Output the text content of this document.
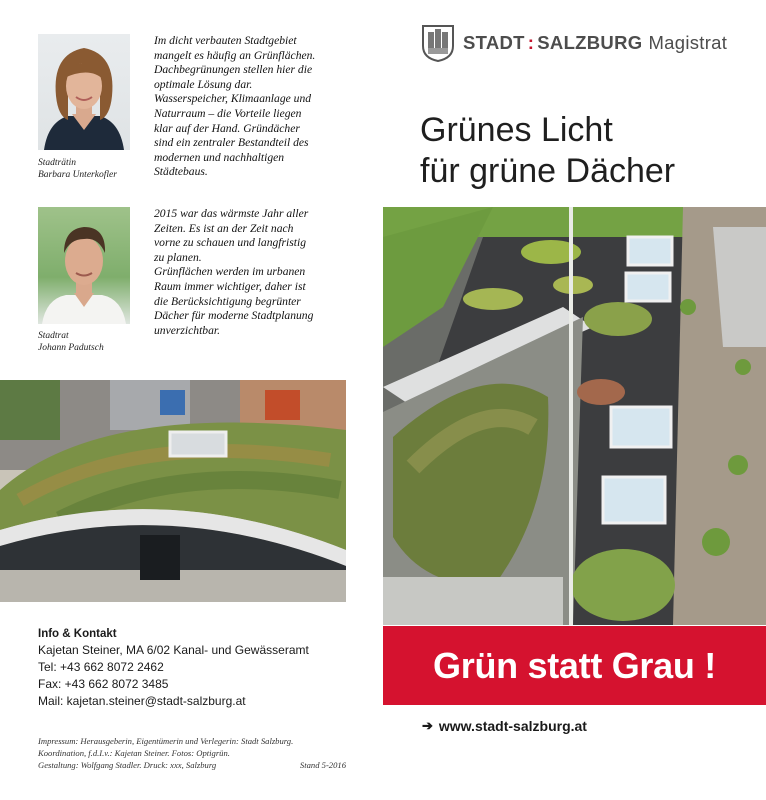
Stadträtin
Barbara Unterkofler
Im dicht verbauten Stadtgebiet
mangelt es häufig an Grünflächen.
Dachbegrünungen stellen hier die
optimale Lösung dar.
Wasserspeicher, Klimaanlage und
Naturraum – die Vorteile liegen
klar auf der Hand. Gründächer
sind ein zentraler Bestandteil des
modernen und nachhaltigen
Städtebaus.
Stadtrat
Johann Padutsch
2015 war das wärmste Jahr aller
Zeiten. Es ist an der Zeit nach
vorne zu schauen und langfristig
zu planen.
Grünflächen werden im urbanen
Raum immer wichtiger, daher ist
die Berücksichtigung begrünter
Dächer für moderne Stadtplanung
unverzichtbar.
Info & Kontakt
Kajetan Steiner, MA 6/02 Kanal- und Gewässeramt
Tel: +43 662 8072 2462
Fax: +43 662 8072 3485
Mail: kajetan.steiner@stadt-salzburg.at
Impressum: Herausgeberin, Eigentümerin und Verlegerin: Stadt Salzburg.
Koordination, f.d.I.v.: Kajetan Steiner. Fotos: Optigrün.
Gestaltung: Wolfgang Stadler. Druck: xxx, Salzburg	Stand 5-2016
STADT : SALZBURG Magistrat
Grünes Licht
für grüne Dächer
Grün statt Grau !
➔ www.stadt-salzburg.at
